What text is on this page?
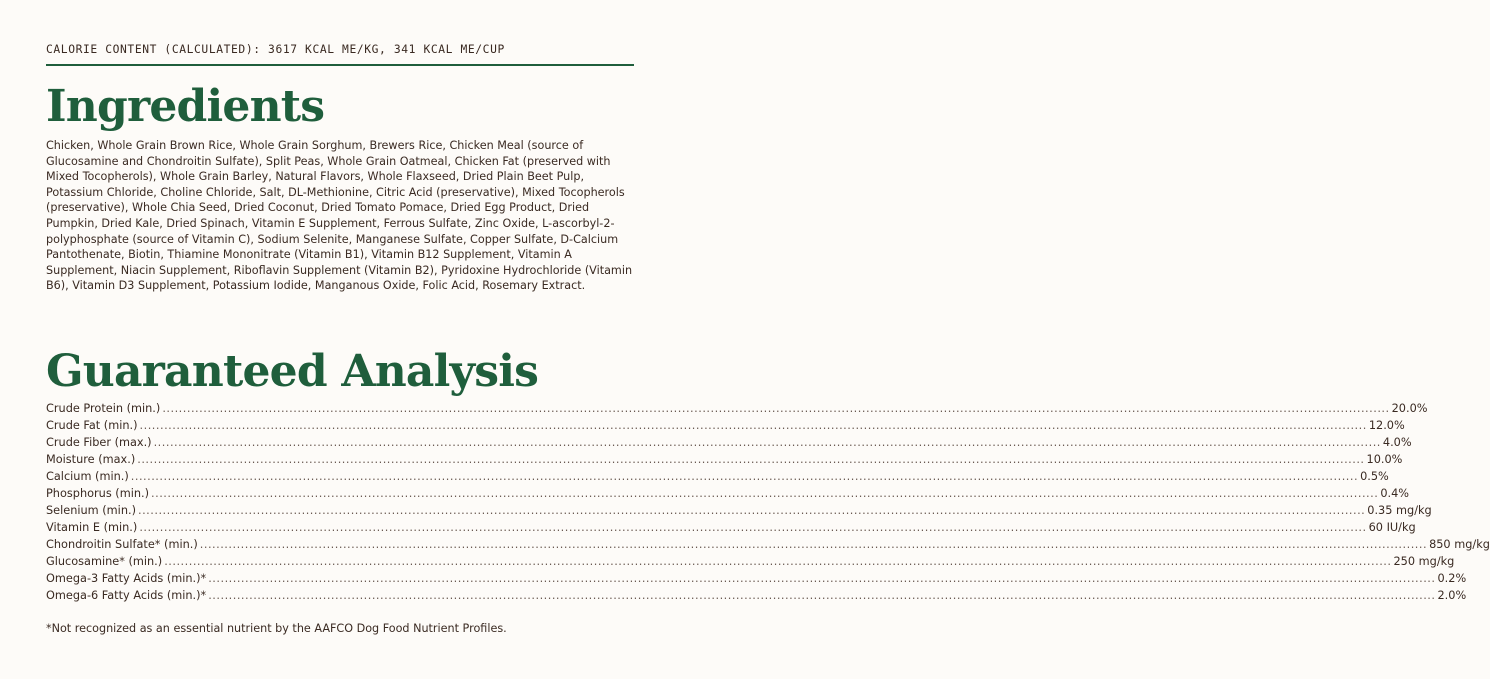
CALORIE CONTENT (CALCULATED): 3617 KCAL ME/KG, 341 KCAL ME/CUP
Ingredients
Chicken, Whole Grain Brown Rice, Whole Grain Sorghum, Brewers Rice, Chicken Meal (source of Glucosamine and Chondroitin Sulfate), Split Peas, Whole Grain Oatmeal, Chicken Fat (preserved with Mixed Tocopherols), Whole Grain Barley, Natural Flavors, Whole Flaxseed, Dried Plain Beet Pulp, Potassium Chloride, Choline Chloride, Salt, DL-Methionine, Citric Acid (preservative), Mixed Tocopherols (preservative), Whole Chia Seed, Dried Coconut, Dried Tomato Pomace, Dried Egg Product, Dried Pumpkin, Dried Kale, Dried Spinach, Vitamin E Supplement, Ferrous Sulfate, Zinc Oxide, L-ascorbyl-2-polyphosphate (source of Vitamin C), Sodium Selenite, Manganese Sulfate, Copper Sulfate, D-Calcium Pantothenate, Biotin, Thiamine Mononitrate (Vitamin B1), Vitamin B12 Supplement, Vitamin A Supplement, Niacin Supplement, Riboflavin Supplement (Vitamin B2), Pyridoxine Hydrochloride (Vitamin B6), Vitamin D3 Supplement, Potassium Iodide, Manganous Oxide, Folic Acid, Rosemary Extract.
Guaranteed Analysis
Crude Protein (min.) ............................................................................................................................................................................................................................................................................................................ 20.0%
Crude Fat (min.) ............................................................................................................................................................................................................................................................................................................ 12.0%
Crude Fiber (max.) ............................................................................................................................................................................................................................................................................................................ 4.0%
Moisture (max.) ............................................................................................................................................................................................................................................................................................................ 10.0%
Calcium (min.) ............................................................................................................................................................................................................................................................................................................ 0.5%
Phosphorus (min.) ............................................................................................................................................................................................................................................................................................................ 0.4%
Selenium (min.) ............................................................................................................................................................................................................................................................................................................ 0.35 mg/kg
Vitamin E (min.) ............................................................................................................................................................................................................................................................................................................ 60 IU/kg
Chondroitin Sulfate* (min.) ............................................................................................................................................................................................................................................................................................................ 850 mg/kg
Glucosamine* (min.) ............................................................................................................................................................................................................................................................................................................ 250 mg/kg
Omega-3 Fatty Acids (min.)* ............................................................................................................................................................................................................................................................................................................ 0.2%
Omega-6 Fatty Acids (min.)* ............................................................................................................................................................................................................................................................................................................ 2.0%
*Not recognized as an essential nutrient by the AAFCO Dog Food Nutrient Profiles.
